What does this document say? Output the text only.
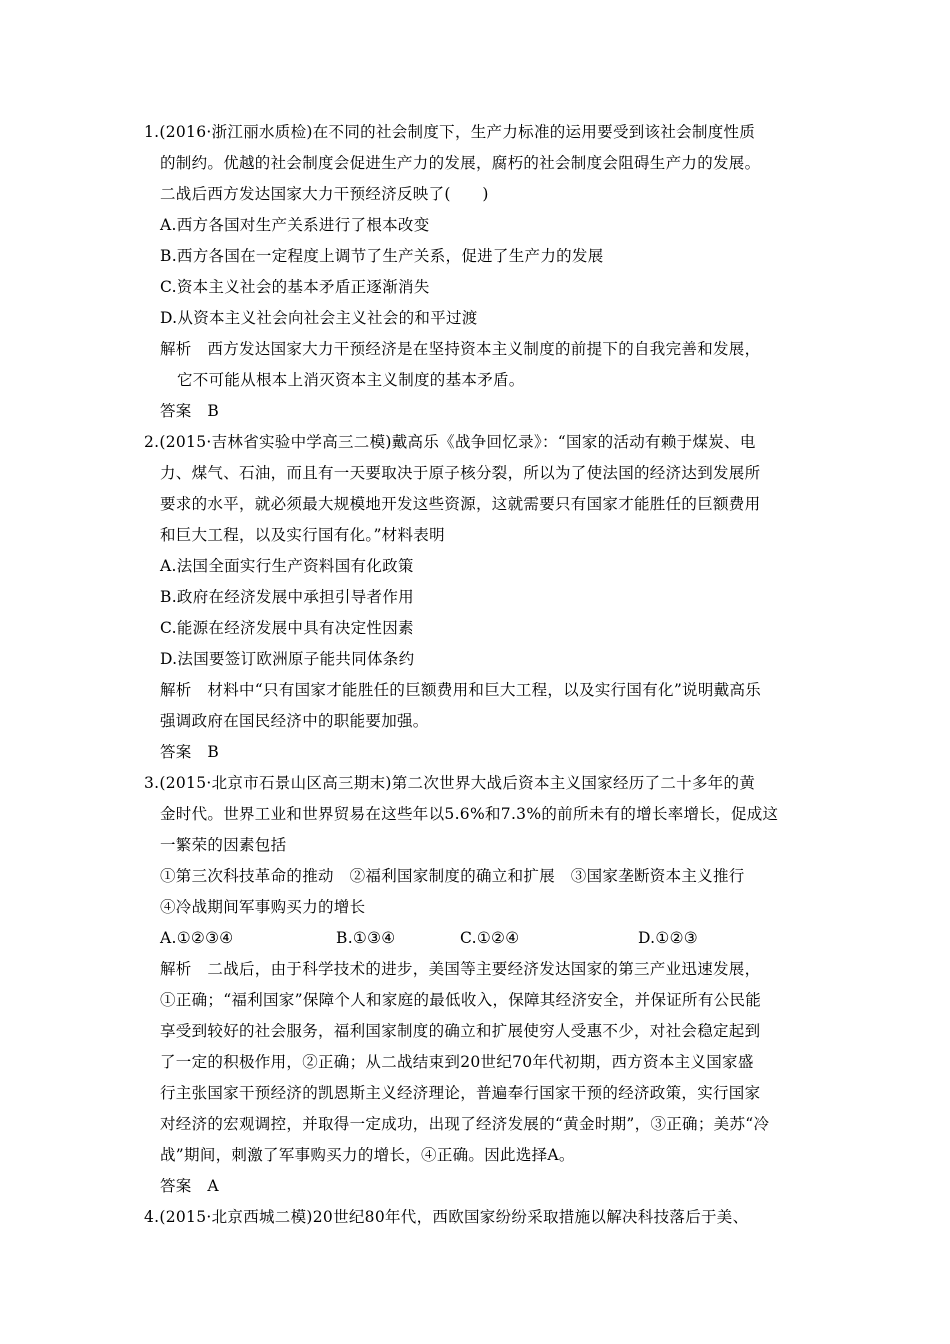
1.(2016·浙江丽水质检)在不同的社会制度下，生产力标准的运用要受到该社会制度性质
的制约。优越的社会制度会促进生产力的发展，腐朽的社会制度会阻碍生产力的发展。
二战后西方发达国家大力干预经济反映了(　　)
A.西方各国对生产关系进行了根本改变
B.西方各国在一定程度上调节了生产关系，促进了生产力的发展
C.资本主义社会的基本矛盾正逐渐消失
D.从资本主义社会向社会主义社会的和平过渡
解析　西方发达国家大力干预经济是在坚持资本主义制度的前提下的自我完善和发展，
它不可能从根本上消灭资本主义制度的基本矛盾。
答案　B
2.(2015·吉林省实验中学高三二模)戴高乐《战争回忆录》：“国家的活动有赖于煤炭、电
力、煤气、石油，而且有一天要取决于原子核分裂，所以为了使法国的经济达到发展所
要求的水平，就必须最大规模地开发这些资源，这就需要只有国家才能胜任的巨额费用
和巨大工程，以及实行国有化。”材料表明
A.法国全面实行生产资料国有化政策
B.政府在经济发展中承担引导者作用
C.能源在经济发展中具有决定性因素
D.法国要签订欧洲原子能共同体条约
解析　材料中“只有国家才能胜任的巨额费用和巨大工程，以及实行国有化”说明戴高乐
强调政府在国民经济中的职能要加强。
答案　B
3.(2015·北京市石景山区高三期末)第二次世界大战后资本主义国家经历了二十多年的黄
金时代。世界工业和世界贸易在这些年以5.6%和7.3%的前所未有的增长率增长，促成这
一繁荣的因素包括
①第三次科技革命的推动　②福利国家制度的确立和扩展　③国家垄断资本主义推行
④冷战期间军事购买力的增长
A.①②③④	B.①③④	C.①②④	D.①②③
解析　二战后，由于科学技术的进步，美国等主要经济发达国家的第三产业迅速发展，
①正确；“福利国家”保障个人和家庭的最低收入，保障其经济安全，并保证所有公民能
享受到较好的社会服务，福利国家制度的确立和扩展使穷人受惠不少，对社会稳定起到
了一定的积极作用，②正确；从二战结束到20世纪70年代初期，西方资本主义国家盛
行主张国家干预经济的凯恩斯主义经济理论，普遍奉行国家干预的经济政策，实行国家
对经济的宏观调控，并取得一定成功，出现了经济发展的“黄金时期”，③正确；美苏“冷
战”期间，刺激了军事购买力的增长，④正确。因此选择A。
答案　A
4.(2015·北京西城二模)20世纪80年代，西欧国家纷纷采取措施以解决科技落后于美、
